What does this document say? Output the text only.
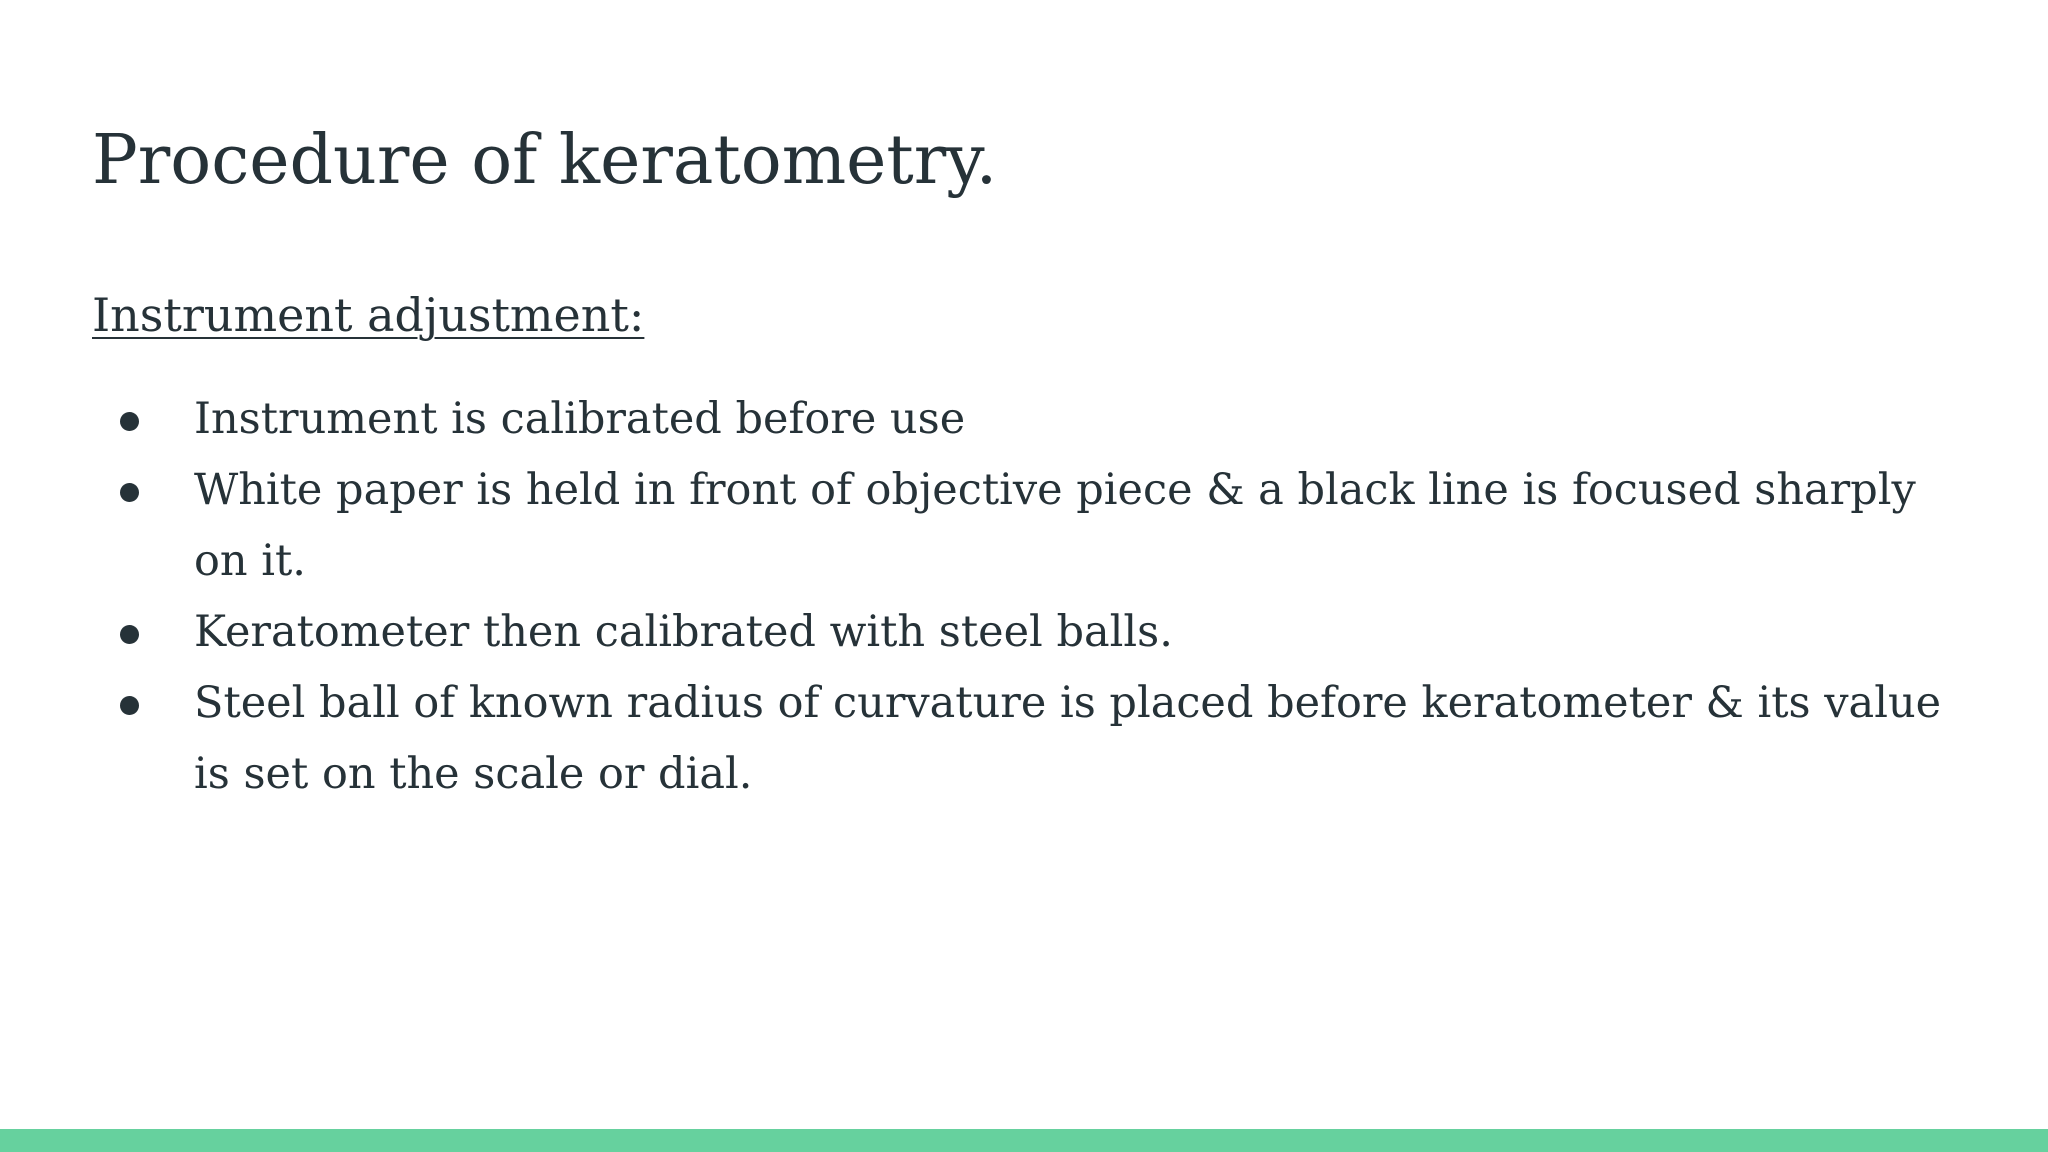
Procedure of keratometry.
Instrument adjustment:
Instrument is calibrated before use
White paper is held in front of objective piece & a black line is focused sharply on it.
Keratometer then calibrated with steel balls.
Steel ball of known radius of curvature is placed before keratometer & its value is set on the scale or dial.
